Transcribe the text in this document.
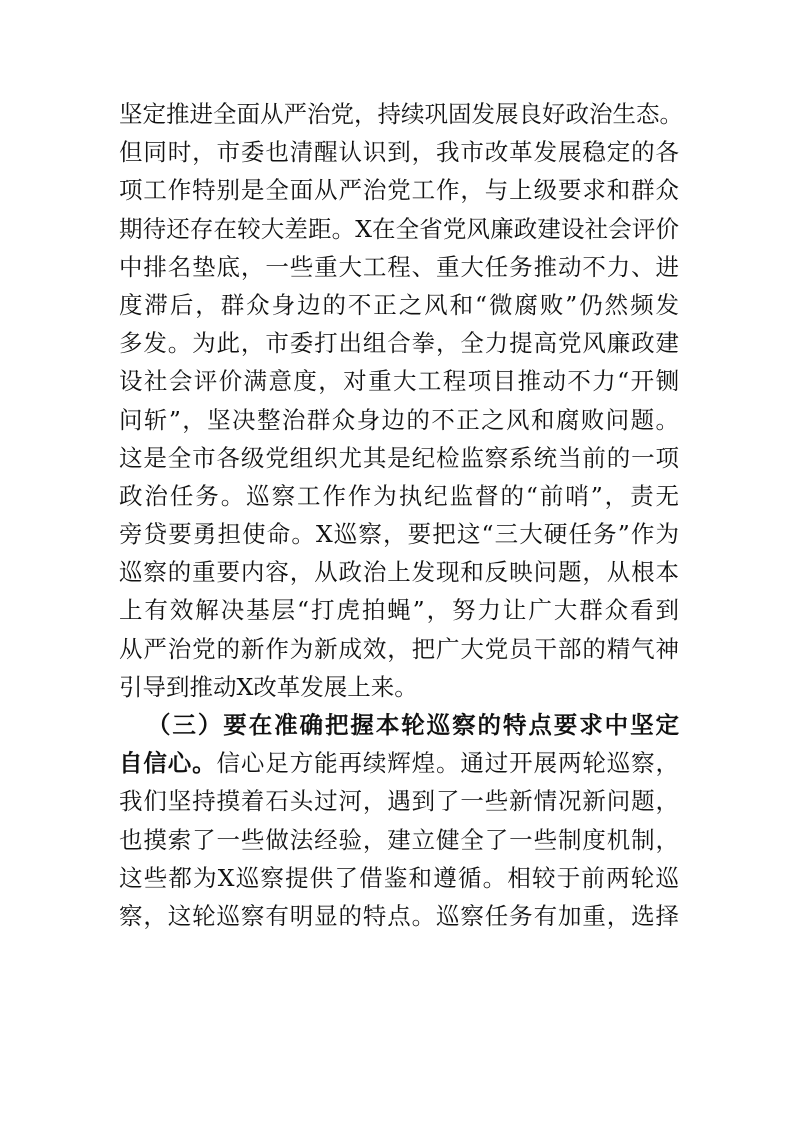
坚定推进全面从严治党，持续巩固发展良好政治生态。
但同时，市委也清醒认识到，我市改革发展稳定的各
项工作特别是全面从严治党工作，与上级要求和群众
期待还存在较大差距。X在全省党风廉政建设社会评价
中排名垫底，一些重大工程、重大任务推动不力、进
度滞后，群众身边的不正之风和“微腐败”仍然频发
多发。为此，市委打出组合拳，全力提高党风廉政建
设社会评价满意度，对重大工程项目推动不力“开铡
问斩”，坚决整治群众身边的不正之风和腐败问题。
这是全市各级党组织尤其是纪检监察系统当前的一项
政治任务。巡察工作作为执纪监督的“前哨”，责无
旁贷要勇担使命。X巡察，要把这“三大硬任务”作为
巡察的重要内容，从政治上发现和反映问题，从根本
上有效解决基层“打虎拍蝇”，努力让广大群众看到
从严治党的新作为新成效，把广大党员干部的精气神
引导到推动X改革发展上来。
（三）要在准确把握本轮巡察的特点要求中坚定
自信心。信心足方能再续辉煌。通过开展两轮巡察，
我们坚持摸着石头过河，遇到了一些新情况新问题，
也摸索了一些做法经验，建立健全了一些制度机制，
这些都为X巡察提供了借鉴和遵循。相较于前两轮巡
察，这轮巡察有明显的特点。巡察任务有加重，选择
